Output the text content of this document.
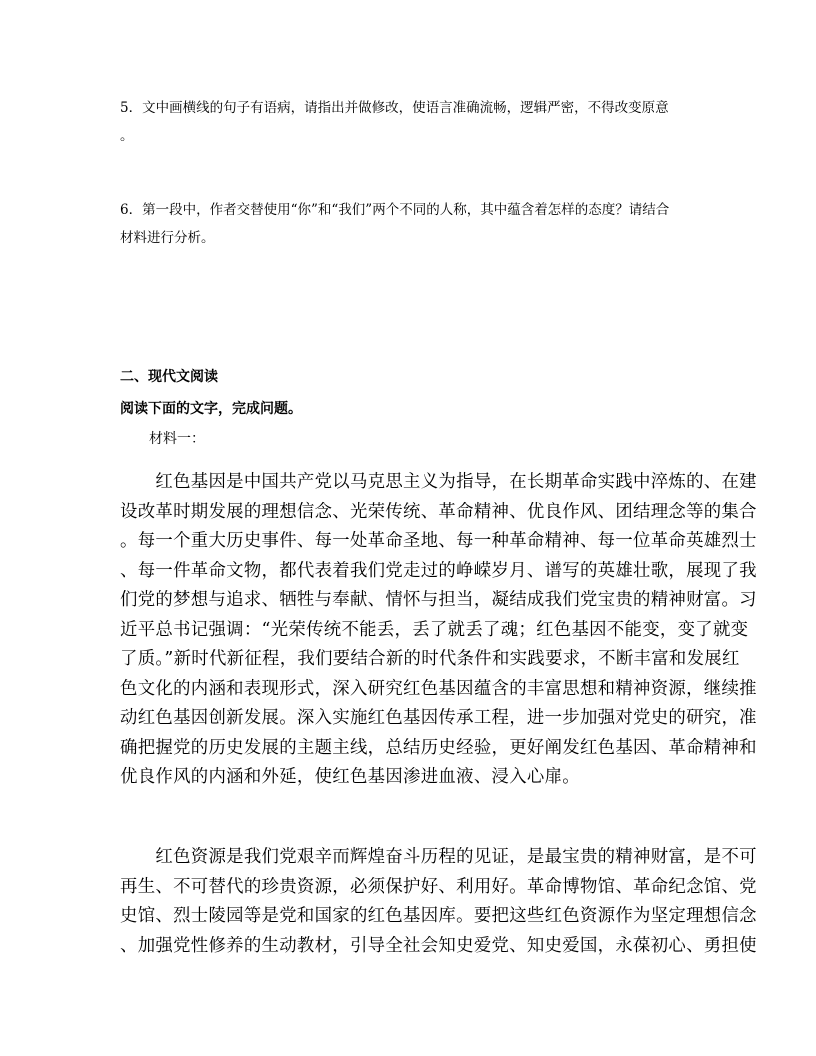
5．文中画横线的句子有语病，请指出并做修改，使语言准确流畅，逻辑严密，不得改变原意

。

6．第一段中，作者交替使用“你”和“我们”两个不同的人称，其中蕴含着怎样的态度？请结合

材料进行分析。

二、现代文阅读

阅读下面的文字，完成问题。

材料一：

　　红色基因是中国共产党以马克思主义为指导，在长期革命实践中淬炼的、在建
设改革时期发展的理想信念、光荣传统、革命精神、优良作风、团结理念等的集合
。每一个重大历史事件、每一处革命圣地、每一种革命精神、每一位革命英雄烈士
、每一件革命文物，都代表着我们党走过的峥嵘岁月、谱写的英雄壮歌，展现了我
们党的梦想与追求、牺牲与奉献、情怀与担当，凝结成我们党宝贵的精神财富。习
近平总书记强调：“光荣传统不能丢，丢了就丢了魂；红色基因不能变，变了就变
了质。”新时代新征程，我们要结合新的时代条件和实践要求，不断丰富和发展红
色文化的内涵和表现形式，深入研究红色基因蕴含的丰富思想和精神资源，继续推
动红色基因创新发展。深入实施红色基因传承工程，进一步加强对党史的研究，准
确把握党的历史发展的主题主线，总结历史经验，更好阐发红色基因、革命精神和
优良作风的内涵和外延，使红色基因渗进血液、浸入心扉。
　　红色资源是我们党艰辛而辉煌奋斗历程的见证，是最宝贵的精神财富，是不可
再生、不可替代的珍贵资源，必须保护好、利用好。革命博物馆、革命纪念馆、党
史馆、烈士陵园等是党和国家的红色基因库。要把这些红色资源作为坚定理想信念
、加强党性修养的生动教材，引导全社会知史爱党、知史爱国，永葆初心、勇担使
